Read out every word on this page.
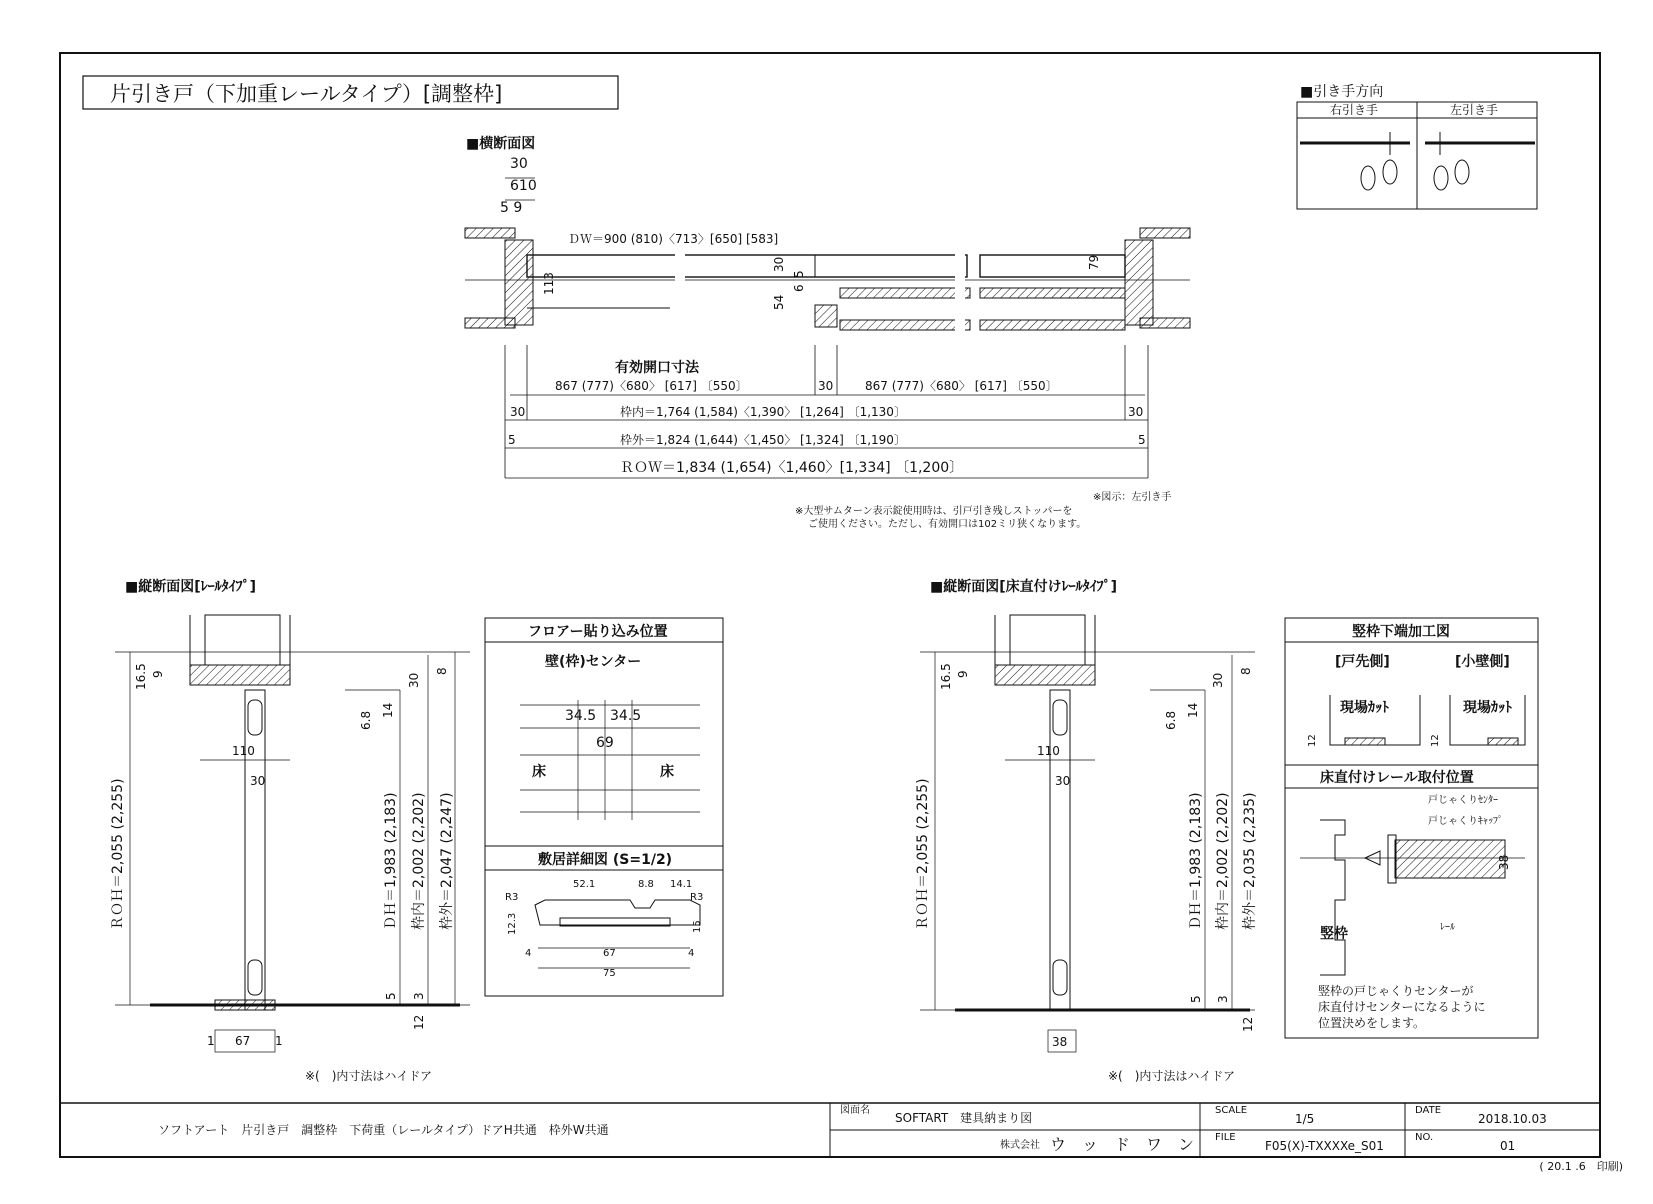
片引き戸（下加重レールタイプ）[調整枠]	■引き手方向
右引き手	左引き手
■横断面図
30
610
5 9
ＤＷ＝900 (810)〈713〉[650] [583]
113
30
5
6
54
79
有効開口寸法
867 (777)〈680〉 [617] 〔550〕	30	867 (777)〈680〉 [617] 〔550〕
30	枠内＝1,764 (1,584)〈1,390〉 [1,264] 〔1,130〕	30
5	枠外＝1,824 (1,644)〈1,450〉 [1,324] 〔1,190〕	5
ＲＯＷ＝1,834 (1,654)〈1,460〉[1,334] 〔1,200〕
※図示：左引き手
※大型サムターン表示錠使用時は、引戸引き残しストッパーを
ご使用ください。ただし、有効開口は102ミリ狭くなります。
■縦断面図[ﾚｰﾙﾀｲﾌﾟ]
16.5 9	30
8
6.8
14
110
30
ＲＯＨ＝2,055 (2,255)	ＤＨ＝1,983 (2,183) 枠内＝2,002 (2,202) 枠外＝2,047 (2,247)
5 3
12
1 67 1
※(　)内寸法はハイドア
フロアー貼り込み位置
壁(枠)センター
34.5 34.5
69
床	床
敷居詳細図 (S=1/2)
52.1	8.8 14.1
R3	R3
12.3	15
4	67	4
75
■縦断面図[床直付けﾚｰﾙﾀｲﾌﾟ]
16.5 9	30
8
6.8
14
110
30
ＲＯＨ＝2,055 (2,255)	ＤＨ＝1,983 (2,183) 枠内＝2,002 (2,202) 枠外＝2,035 (2,235)
5 3
12
38
※(　)内寸法はハイドア
竪枠下端加工図
[戸先側]	[小壁側]
現場ｶｯﾄ	現場ｶｯﾄ
12	12
床直付けレール取付位置
戸じゃくりｾﾝﾀｰ
戸じゃくりｷｬｯﾌﾟ
38
ﾚｰﾙ
竪枠
竪枠の戸じゃくりセンターが
床直付けセンターになるように
位置決めをします。
ソフトアート　片引き戸　調整枠　下荷重（レールタイプ）ドアH共通　枠外W共通
図面名
SOFTART　建具納まり図
株式会社 ウ　ッ　ド　ワ　ン
SCALE
1/5
DATE
2018.10.03
FILE
F05(X)-TXXXXe_S01
NO.
01
( 20.1 .6　印刷)
